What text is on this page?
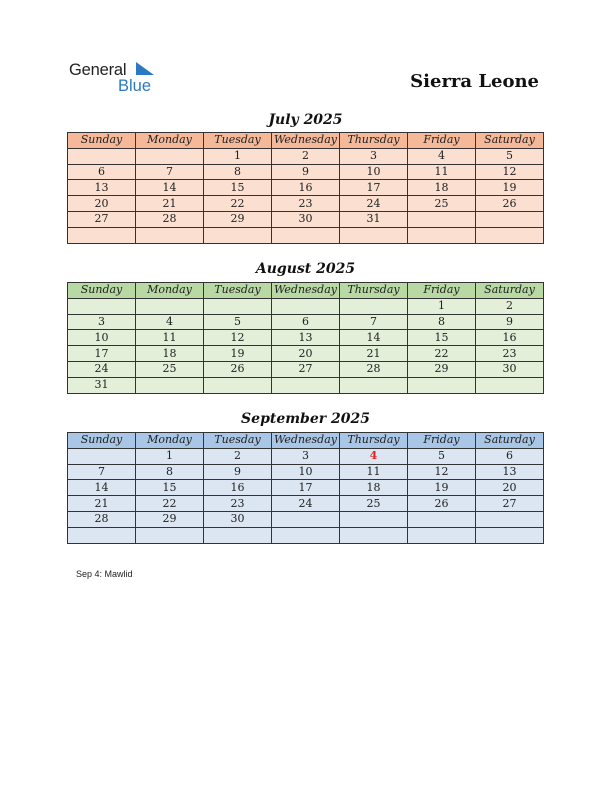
General
Blue	Sierra Leone
July 2025
Sunday	Monday	Tuesday	Wednesday	Thursday	Friday	Saturday
		1	2	3	4	5
6	7	8	9	10	11	12
13	14	15	16	17	18	19
20	21	22	23	24	25	26
27	28	29	30	31		

August 2025
Sunday	Monday	Tuesday	Wednesday	Thursday	Friday	Saturday
					1	2
3	4	5	6	7	8	9
10	11	12	13	14	15	16
17	18	19	20	21	22	23
24	25	26	27	28	29	30
31						
September 2025
Sunday	Monday	Tuesday	Wednesday	Thursday	Friday	Saturday
	1	2	3	4	5	6
7	8	9	10	11	12	13
14	15	16	17	18	19	20
21	22	23	24	25	26	27
28	29	30				

Sep 4: Mawlid
